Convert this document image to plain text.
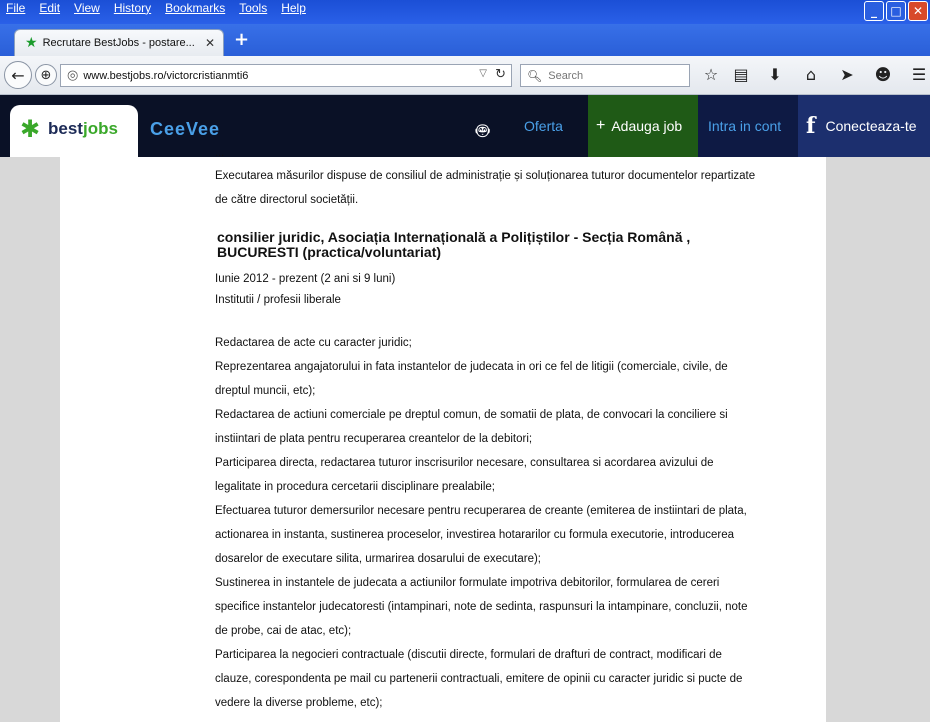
File Edit View History Bookmarks Tools Help	_	□ ✕
★ Recrutare BestJobs - postare... ✕ +
← ⊕ ◎ www.bestjobs.ro/victorcristianmti6	▽ ↻ 🔍︎
Search	☆ ▤ ⬇	⌂	➤ ☻ ☰
✱ bestjobs CeeVee	🤖︎ Oferta + Adauga job Intra in cont f Conecteaza-te
...
Executarea măsurilor dispuse de consiliul de administrație și soluționarea tuturor documentelor repartizate
de către directorul societății.
consilier juridic, Asociația Internațională a Polițiștilor - Secția Română ,
BUCURESTI (practica/voluntariat)
Iunie 2012 - prezent (2 ani si 9 luni)
Institutii / profesii liberale
Redactarea de acte cu caracter juridic;
Reprezentarea angajatorului in fata instantelor de judecata in ori ce fel de litigii (comerciale, civile, de
dreptul muncii, etc);
Redactarea de actiuni comerciale pe dreptul comun, de somatii de plata, de convocari la conciliere si
instiintari de plata pentru recuperarea creantelor de la debitori;
Participarea directa, redactarea tuturor inscrisurilor necesare, consultarea si acordarea avizului de
legalitate in procedura cercetarii disciplinare prealabile;
Efectuarea tuturor demersurilor necesare pentru recuperarea de creante (emiterea de instiintari de plata,
actionarea in instanta, sustinerea proceselor, investirea hotararilor cu formula executorie, introducerea
dosarelor de executare silita, urmarirea dosarului de executare);
Sustinerea in instantele de judecata a actiunilor formulate impotriva debitorilor, formularea de cereri
specifice instantelor judecatoresti (intampinari, note de sedinta, raspunsuri la intampinare, concluzii, note
de probe, cai de atac, etc);
Participarea la negocieri contractuale (discutii directe, formulari de drafturi de contract, modificari de
clauze, corespondenta pe mail cu partenerii contractuali, emitere de opinii cu caracter juridic si pucte de
vedere la diverse probleme, etc);
